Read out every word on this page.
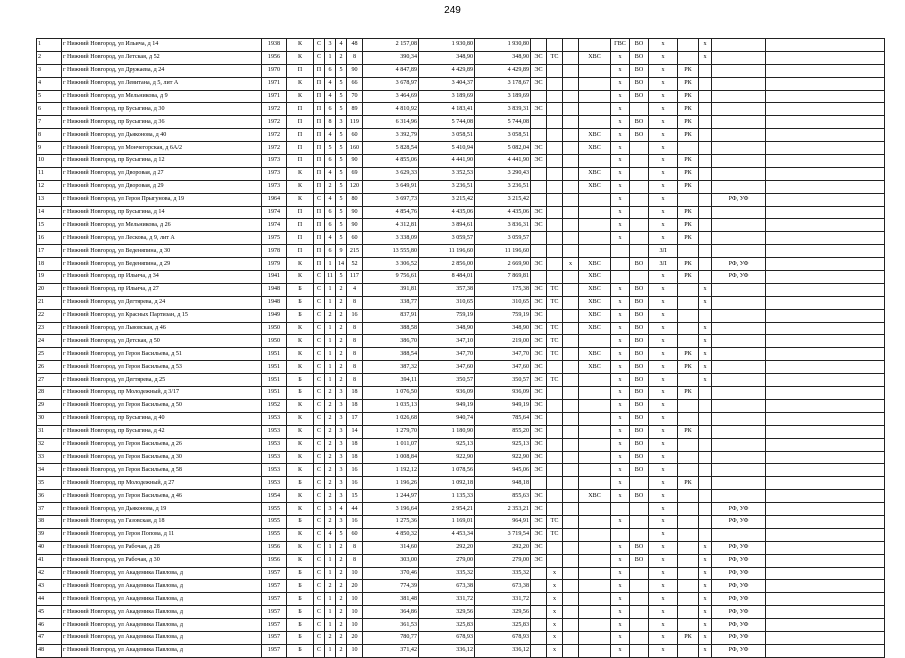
249
1	г Нижний Новгород, ул Ильича, д 14	1938	К	С	3	4	48	2 157,08	1 930,80	1 930,80					ГВС	ВО	х		х		
2	г Нижний Новгород, ул Летская, д 52	1956	К	С	1	2	8	390,34	348,90	348,90	ЭС	ТС		ХВС	х	ВО	х		х		
3	г Нижний Новгород, ул Дружаева, д 24	1970	П	П	6	5	90	4 847,89	4 429,89	4 429,89	ЭС				х	ВО	х	РК			
4	г Нижний Новгород, ул Левитана, д 5, лит А	1971	К	П	4	5	66	3 678,97	3 404,37	3 178,67	ЭС				х	ВО	х	РК			
5	г Нижний Новгород, ул Мельникова, д 9	1971	К	П	4	5	70	3 464,69	3 189,69	3 189,69					х	ВО	х	РК			
6	г Нижний Новгород, пр Бусыгина, д 30	1972	П	П	6	5	89	4 810,92	4 183,41	3 839,31	ЭС				х		х	РК			
7	г Нижний Новгород, пр Бусыгина, д 36	1972	П	П	8	3	119	6 314,96	5 744,08	5 744,08					х	ВО	х	РК			
8	г Нижний Новгород, ул Дьяконова, д 40	1972	П	П	4	5	60	3 392,79	3 058,51	3 058,51				ХВС	х	ВО	х	РК			
9	г Нижний Новгород, ул Мончегорская, д 6А/2	1972	П	П	5	5	160	5 828,54	5 410,94	5 082,04	ЭС			ХВС	х		х				
10	г Нижний Новгород, пр Бусыгина, д 12	1973	П	П	6	5	90	4 855,06	4 441,90	4 441,90	ЭС				х		х	РК			
11	г Нижний Новгород, ул Дворовая, д 27	1973	К	П	4	5	69	3 629,33	3 352,53	3 290,43				ХВС	х		х	РК			
12	г Нижний Новгород, ул Дворовая, д 29	1973	К	П	2	5	120	3 649,91	3 236,51	3 236,51				ХВС	х		х	РК			
13	г Нижний Новгород, ул Героя Прыгунова, д 19	1964	К	С	4	5	80	3 697,73	3 215,42	3 215,42					х		х			РФ, УФ	
14	г Нижний Новгород, пр Бусыгина, д 14	1974	П	П	6	5	90	4 854,76	4 435,06	4 435,06	ЭС				х		х	РК			
15	г Нижний Новгород, ул Мельникова, д 26	1974	П	П	6	5	90	4 312,81	3 894,61	3 836,31	ЭС				х		х	РК			
16	г Нижний Новгород, ул Лескова, д 9, лит А	1975	П	П	4	5	60	3 338,09	3 059,57	3 059,57					х		х	РК			
17	г Нижний Новгород, ул Веденяпина, д 30	1978	П	П	6	9	215	13 555,80	11 196,60	11 196,60							ЗЛ				
18	г Нижний Новгород, ул Веденяпина, д 29	1979	К	П	1	14	52	3 306,52	2 856,00	2 669,90	ЭС		х	ХВС		ВО	ЗЛ	РК		РФ, УФ	
19	г Нижний Новгород, пр Ильича, д 34	1941	К	С	11	5	117	9 756,61	8 484,01	7 869,81				ХВС			х	РК		РФ, УФ	
20	г Нижний Новгород, пр Ильича, д 27	1948	Б	С	1	2	4	391,81	357,38	175,38	ЭС	ТС		ХВС	х	ВО	х		х		
21	г Нижний Новгород, ул Дегтярева, д 24	1948	Б	С	1	2	8	338,77	310,65	310,65	ЭС	ТС		ХВС	х	ВО	х		х		
22	г Нижний Новгород, ул Красных Партизан, д 15	1949	Б	С	2	2	16	837,91	759,19	759,19	ЭС			ХВС	х	ВО	х				
23	г Нижний Новгород, ул Львовская, д 46	1950	К	С	1	2	8	388,58	348,90	348,90	ЭС	ТС		ХВС	х	ВО	х		х		
24	г Нижний Новгород, ул Детская, д 50	1950	К	С	1	2	8	386,70	347,10	219,00	ЭС	ТС			х	ВО	х		х		
25	г Нижний Новгород, ул Героя Васильева, д 51	1951	К	С	1	2	8	388,54	347,70	347,70	ЭС	ТС		ХВС	х	ВО	х	РК	х		
26	г Нижний Новгород, ул Героя Васильева, д 53	1951	К	С	1	2	8	387,32	347,60	347,60	ЭС			ХВС	х	ВО	х	РК	х		
27	г Нижний Новгород, ул Дегтярева, д 25	1951	Б	С	1	2	8	394,11	350,57	350,57	ЭС	ТС			х	ВО	х		х		
28	г Нижний Новгород, пр Молодежный, д 3/17	1951	Б	С	2	3	18	1 076,50	936,09	936,09	ЭС				х	ВО	х	РК			
29	г Нижний Новгород, ул Героя Васильева, д 50	1952	К	С	2	3	18	1 035,13	949,19	949,19	ЭС				х	ВО	х				
30	г Нижний Новгород, пр Бусыгина, д 40	1953	К	С	2	3	17	1 026,68	940,74	785,64	ЭС				х	ВО	х				
31	г Нижний Новгород, пр Бусыгина, д 42	1953	К	С	2	3	14	1 279,70	1 180,90	855,20	ЭС				х	ВО	х	РК			
32	г Нижний Новгород, ул Героя Васильева, д 26	1953	К	С	2	3	18	1 011,07	925,13	925,13	ЭС				х	ВО	х				
33	г Нижний Новгород, ул Героя Васильева, д 30	1953	К	С	2	3	18	1 008,84	922,90	922,90	ЭС				х	ВО	х				
34	г Нижний Новгород, ул Героя Васильева, д 58	1953	К	С	2	3	16	1 192,12	1 078,56	945,06	ЭС				х	ВО	х				
35	г Нижний Новгород, пр Молодежный, д 27	1953	Б	С	2	3	16	1 196,26	1 092,18	948,18					х		х	РК			
36	г Нижний Новгород, ул Героя Васильева, д 46	1954	К	С	2	3	15	1 244,97	1 135,33	855,63	ЭС			ХВС	х	ВО	х				
37	г Нижний Новгород, ул Дьяконова, д 19	1955	К	С	3	4	44	3 196,64	2 954,21	2 353,21	ЭС						х			РФ, УФ	
38	г Нижний Новгород, ул Газовская, д 18	1955	Б	С	2	3	16	1 275,36	1 169,01	964,91	ЭС	ТС			х		х			РФ, УФ	
39	г Нижний Новгород, ул Героя Попова, д 11	1955	К	С	4	5	60	4 850,32	4 453,34	3 719,54	ЭС	ТС					х				
40	г Нижний Новгород, ул Рабочая, д 28	1956	К	С	1	2	8	314,60	292,20	292,20	ЭС				х	ВО	х		х	РФ, УФ	
41	г Нижний Новгород, ул Рабочая, д 30	1956	К	С	1	2	8	303,00	279,00	279,00	ЭС				х	ВО	х		х	РФ, УФ	
42	г Нижний Новгород, ул Академика Павлова, д	1957	Б	С	1	2	10	370,46	335,32	335,32		х			х		х		х	РФ, УФ	
43	г Нижний Новгород, ул Академика Павлова, д	1957	Б	С	2	2	20	774,39	673,38	673,38		х			х		х		х	РФ, УФ	
44	г Нижний Новгород, ул Академика Павлова, д	1957	Б	С	1	2	10	381,48	331,72	331,72		х			х		х		х	РФ, УФ	
45	г Нижний Новгород, ул Академика Павлова, д	1957	Б	С	1	2	10	364,86	329,56	329,56		х			х		х		х	РФ, УФ	
46	г Нижний Новгород, ул Академика Павлова, д	1957	Б	С	1	2	10	361,53	325,83	325,83		х			х		х		х	РФ, УФ	
47	г Нижний Новгород, ул Академика Павлова, д	1957	Б	С	2	2	20	780,77	678,93	678,93		х			х		х	РК	х	РФ, УФ	
48	г Нижний Новгород, ул Академика Павлова, д	1957	Б	С	1	2	10	371,42	336,12	336,12		х			х		х		х	РФ, УФ	
